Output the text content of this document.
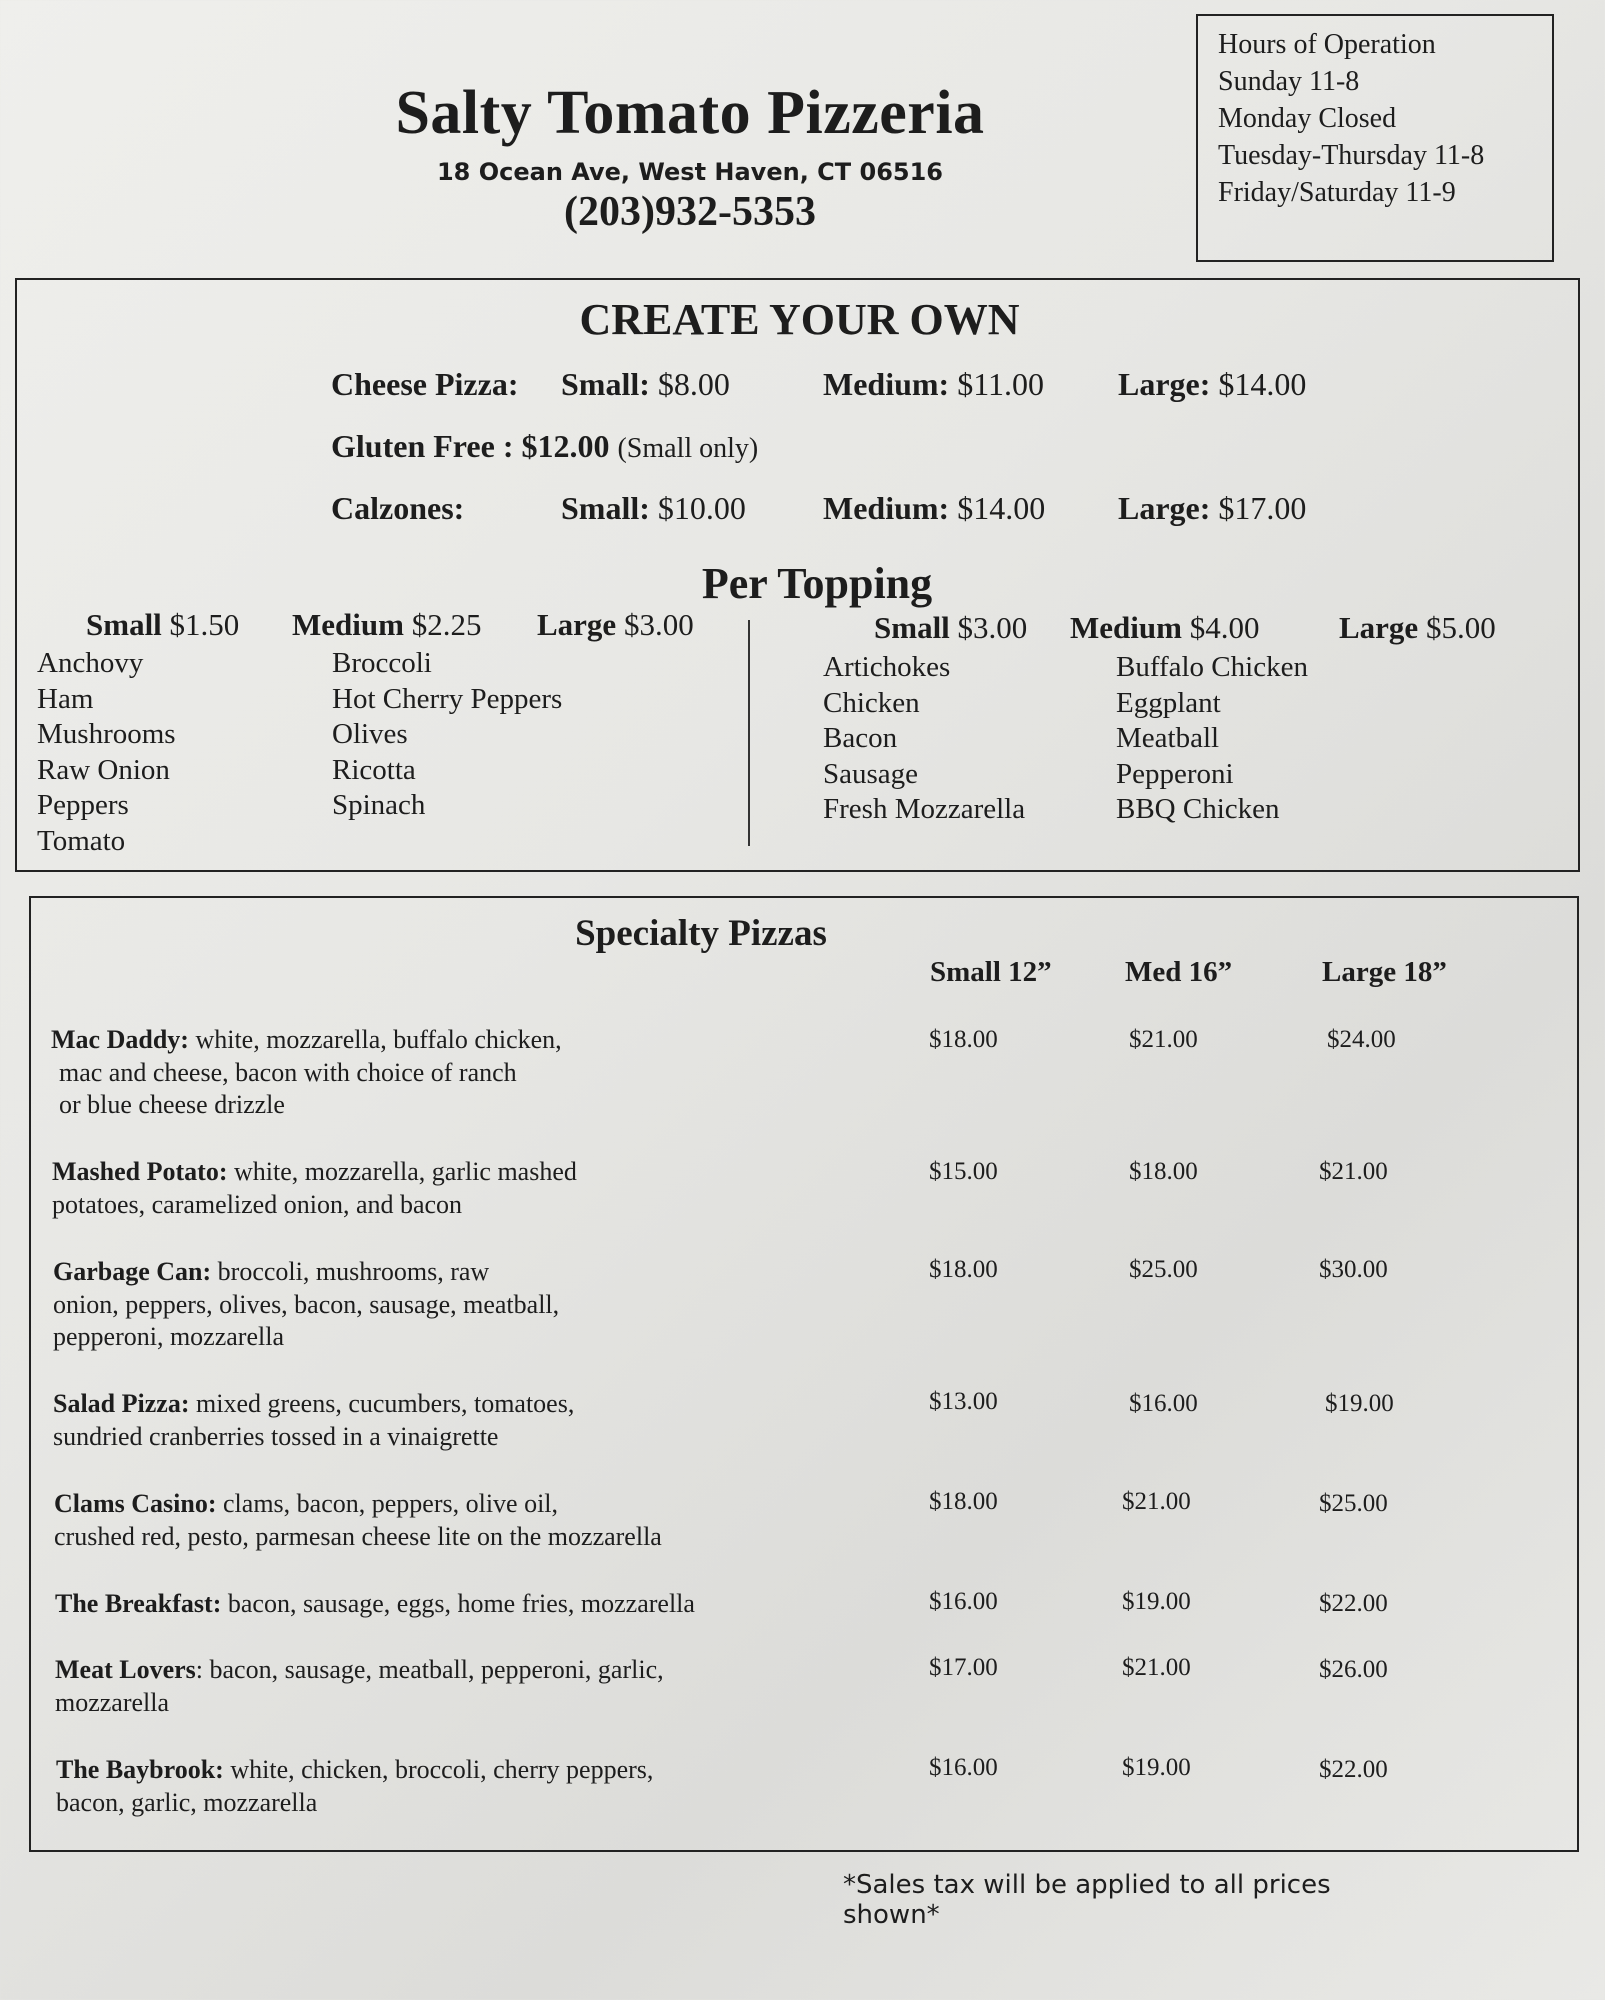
Salty Tomato Pizzeria
18 Ocean Ave, West Haven, CT 06516
(203)932-5353
Hours of Operation
Sunday 11-8
Monday Closed
Tuesday-Thursday 11-8
Friday/Saturday 11-9
CREATE YOUR OWN
Cheese Pizza: Small: $8.00	Medium: $11.00 Large: $14.00
Gluten Free : $12.00 (Small only)
Calzones:	Small: $10.00 Medium: $14.00 Large: $17.00
Per Topping
Small $1.50 Medium $2.25 Large $3.00
Anchovy
Ham
Mushrooms
Raw Onion
Peppers
Tomato
Broccoli
Hot Cherry Peppers
Olives
Ricotta
Spinach
Small $3.00 Medium $4.00	Large $5.00
Artichokes
Chicken
Bacon
Sausage
Fresh Mozzarella
Buffalo Chicken
Eggplant
Meatball
Pepperoni
BBQ Chicken
Specialty Pizzas
Small 12”	Med 16”	Large 18”
Mac Daddy: white, mozzarella, buffalo chicken,
mac and cheese, bacon with choice of ranch
or blue cheese drizzle
$18.00	$21.00	$24.00
Mashed Potato: white, mozzarella, garlic mashed
potatoes, caramelized onion, and bacon
$15.00	$18.00	$21.00
Garbage Can: broccoli, mushrooms, raw
onion, peppers, olives, bacon, sausage, meatball,
pepperoni, mozzarella
$18.00	$25.00	$30.00
Salad Pizza: mixed greens, cucumbers, tomatoes,
sundried cranberries tossed in a vinaigrette
$13.00	$16.00	$19.00
Clams Casino: clams, bacon, peppers, olive oil,
crushed red, pesto, parmesan cheese lite on the mozzarella
$18.00	$21.00	$25.00
The Breakfast: bacon, sausage, eggs, home fries, mozzarella	$16.00	$19.00	$22.00
Meat Lovers: bacon, sausage, meatball, pepperoni, garlic,
mozzarella
$17.00	$21.00	$26.00
The Baybrook: white, chicken, broccoli, cherry peppers,
bacon, garlic, mozzarella
$16.00	$19.00	$22.00
*Sales tax will be applied to all prices shown*
